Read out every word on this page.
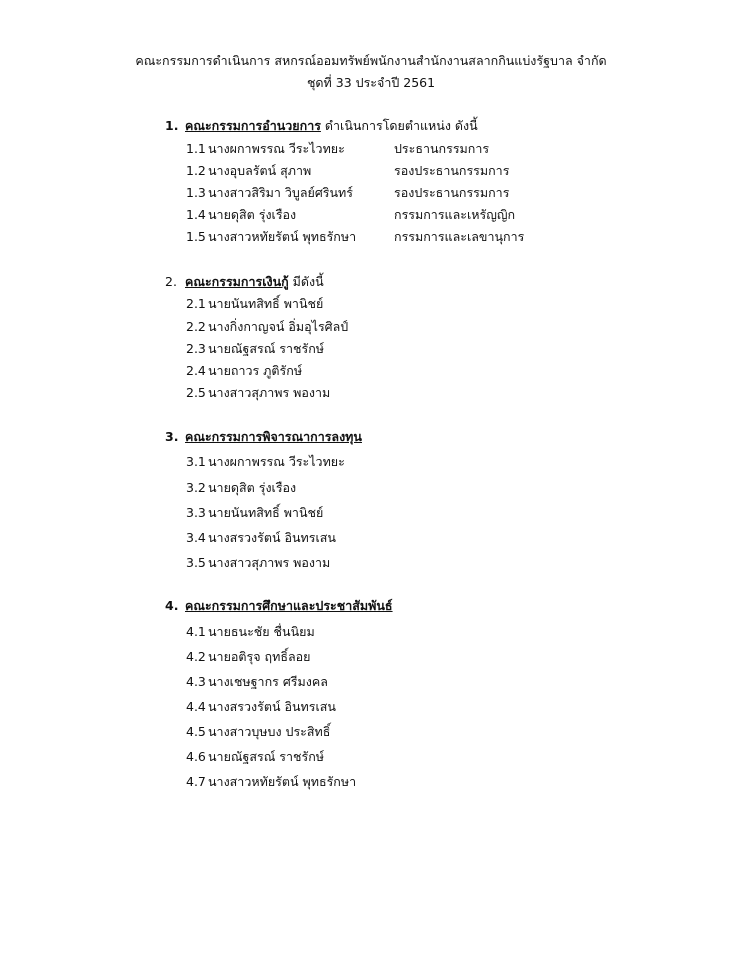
คณะกรรมการดำเนินการ สหกรณ์ออมทรัพย์พนักงานสำนักงานสลากกินแบ่งรัฐบาล จำกัด
ชุดที่ 33 ประจำปี 2561
1. คณะกรรมการอำนวยการ ดำเนินการโดยตำแหน่ง ดังนี้
1.1 นางผกาพรรณ วีระไวทยะ	ประธานกรรมการ
1.2 นางอุบลรัตน์ สุภาพ	รองประธานกรรมการ
1.3 นางสาวสิริมา วิบูลย์ศรินทร์	รองประธานกรรมการ
1.4 นายดุสิต รุ่งเรือง	กรรมการและเหรัญญิก
1.5 นางสาวหทัยรัตน์ พุทธรักษา	กรรมการและเลขานุการ
2. คณะกรรมการเงินกู้ มีดังนี้
2.1 นายนันทสิทธิ์ พานิชย์
2.2 นางกิ่งกาญจน์ อิ่มอุไรศิลป์
2.3 นายณัฐสรณ์ ราชรักษ์
2.4 นายถาวร ภูติรักษ์
2.5 นางสาวสุภาพร พองาม
3. คณะกรรมการพิจารณาการลงทุน
3.1 นางผกาพรรณ วีระไวทยะ
3.2 นายดุสิต รุ่งเรือง
3.3 นายนันทสิทธิ์ พานิชย์
3.4 นางสรวงรัตน์ อินทรเสน
3.5 นางสาวสุภาพร พองาม
4. คณะกรรมการศึกษาและประชาสัมพันธ์
4.1 นายธนะชัย ชื่นนิยม
4.2 นายอติรุจ ฤทธิ์ลอย
4.3 นางเชษฐากร ศรีมงคล
4.4 นางสรวงรัตน์ อินทรเสน
4.5 นางสาวบุษบง ประสิทธิ์
4.6 นายณัฐสรณ์ ราชรักษ์
4.7 นางสาวหทัยรัตน์ พุทธรักษา
